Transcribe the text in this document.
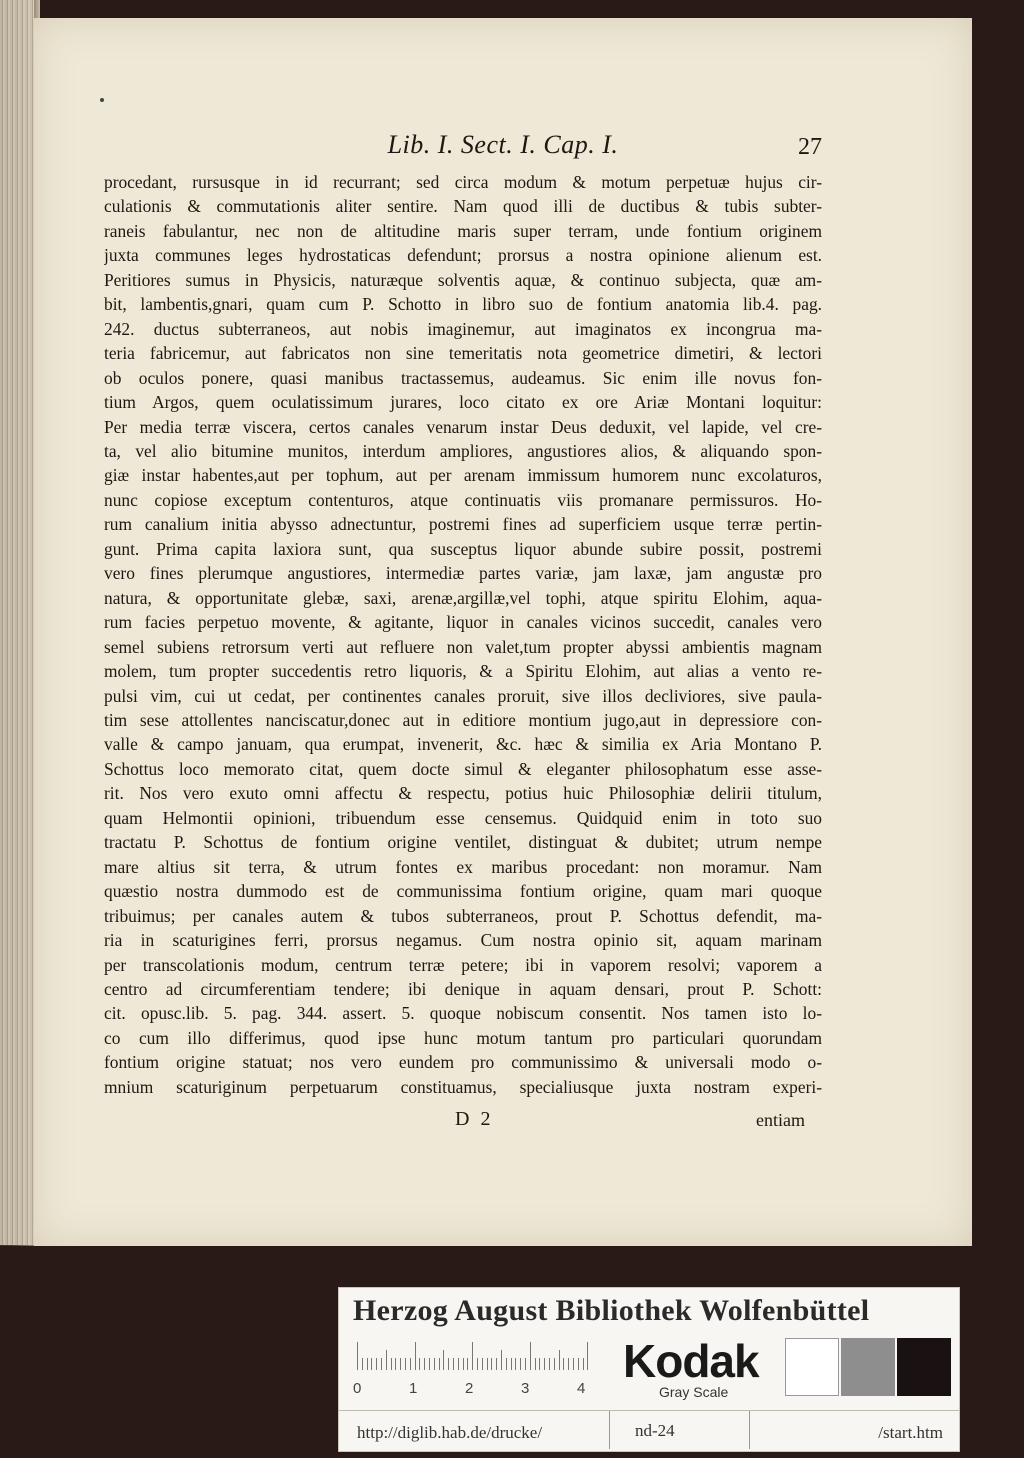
Lib. I. Sect. I. Cap. I.	27
procedant, rursusque in id recurrant; sed circa modum & motum perpetuæ hujus cir-
culationis & commutationis aliter sentire. Nam quod illi de ductibus & tubis subter-
raneis fabulantur, nec non de altitudine maris super terram, unde fontium originem
juxta communes leges hydrostaticas defendunt; prorsus a nostra opinione alienum est.
Peritiores sumus in Physicis, naturæque solventis aquæ, & continuo subjecta, quæ am-
bit, lambentis,gnari, quam cum P. Schotto in libro suo de fontium anatomia lib.4. pag.
242. ductus subterraneos, aut nobis imaginemur, aut imaginatos ex incongrua ma-
teria fabricemur, aut fabricatos non sine temeritatis nota geometrice dimetiri, & lectori
ob oculos ponere, quasi manibus tractassemus, audeamus. Sic enim ille novus fon-
tium Argos, quem oculatissimum jurares, loco citato ex ore Ariæ Montani loquitur:
Per media terræ viscera, certos canales venarum instar Deus deduxit, vel lapide, vel cre-
ta, vel alio bitumine munitos, interdum ampliores, angustiores alios, & aliquando spon-
giæ instar habentes,aut per tophum, aut per arenam immissum humorem nunc excolaturos,
nunc copiose exceptum contenturos, atque continuatis viis promanare permissuros. Ho-
rum canalium initia abysso adnectuntur, postremi fines ad superficiem usque terræ pertin-
gunt. Prima capita laxiora sunt, qua susceptus liquor abunde subire possit, postremi
vero fines plerumque angustiores, intermediæ partes variæ, jam laxæ, jam angustæ pro
natura, & opportunitate glebæ, saxi, arenæ,argillæ,vel tophi, atque spiritu Elohim, aqua-
rum facies perpetuo movente, & agitante, liquor in canales vicinos succedit, canales vero
semel subiens retrorsum verti aut refluere non valet,tum propter abyssi ambientis magnam
molem, tum propter succedentis retro liquoris, & a Spiritu Elohim, aut alias a vento re-
pulsi vim, cui ut cedat, per continentes canales proruit, sive illos decliviores, sive paula-
tim sese attollentes nanciscatur,donec aut in editiore montium jugo,aut in depressiore con-
valle & campo januam, qua erumpat, invenerit, &c. hæc & similia ex Aria Montano P.
Schottus loco memorato citat, quem docte simul & eleganter philosophatum esse asse-
rit. Nos vero exuto omni affectu & respectu, potius huic Philosophiæ delirii titulum,
quam Helmontii opinioni, tribuendum esse censemus. Quidquid enim in toto suo
tractatu P. Schottus de fontium origine ventilet, distinguat & dubitet; utrum nempe
mare altius sit terra, & utrum fontes ex maribus procedant: non moramur. Nam
quæstio nostra dummodo est de communissima fontium origine, quam mari quoque
tribuimus; per canales autem & tubos subterraneos, prout P. Schottus defendit, ma-
ria in scaturigines ferri, prorsus negamus. Cum nostra opinio sit, aquam marinam
per transcolationis modum, centrum terræ petere; ibi in vaporem resolvi; vaporem a
centro ad circumferentiam tendere; ibi denique in aquam densari, prout P. Schott:
cit. opusc.lib. 5. pag. 344. assert. 5. quoque nobiscum consentit. Nos tamen isto lo-
co cum illo differimus, quod ipse hunc motum tantum pro particulari quorundam
fontium origine statuat; nos vero eundem pro communissimo & universali modo o-
mnium scaturiginum perpetuarum constituamus, specialiusque juxta nostram experi-
D 2	entiam
Herzog August Bibliothek Wolfenbüttel
0	1	2	3	4
Kodak
Gray Scale
http://diglib.hab.de/drucke/	nd-24	/start.htm
